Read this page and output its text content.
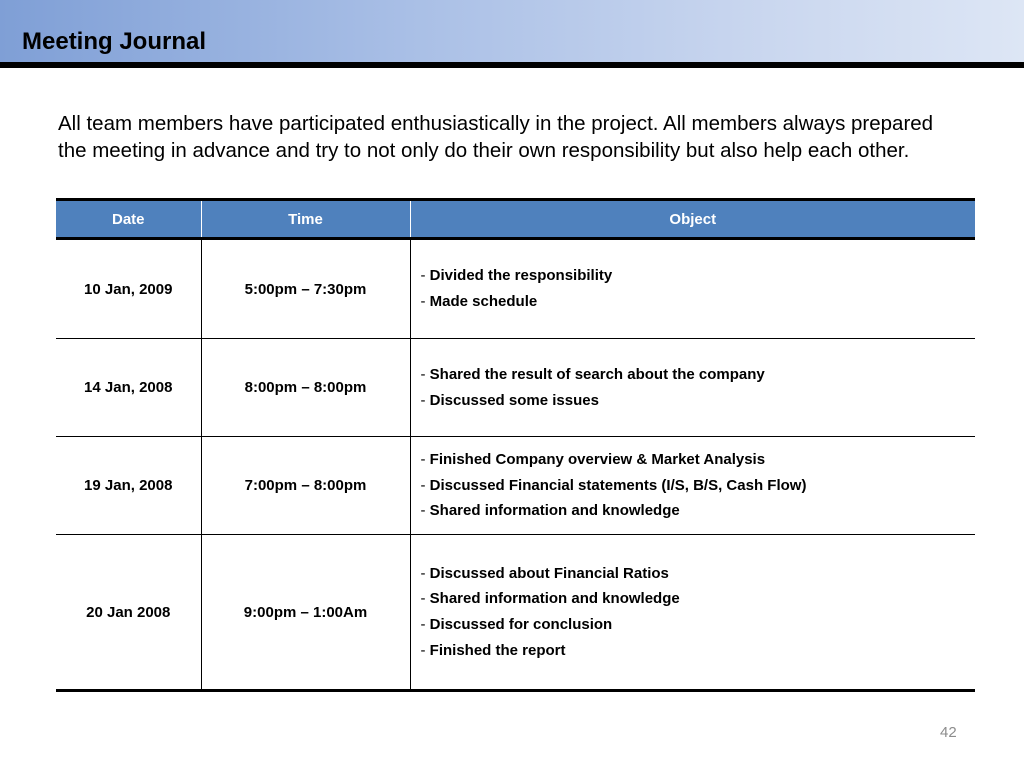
Meeting Journal
All team members have participated enthusiastically in the project. All members always prepared the meeting in advance and try to not only do their own responsibility but also help each other.
Date	Time	Object
10 Jan, 2009	5:00pm – 7:30pm	- Divided the responsibility
- Made schedule

14 Jan, 2008	8:00pm – 8:00pm	- Shared the result of search about the company
- Discussed some issues

19 Jan, 2008	7:00pm – 8:00pm	- Finished Company overview & Market Analysis
- Discussed Financial statements (I/S, B/S, Cash Flow)
- Shared information and knowledge

20 Jan 2008	9:00pm – 1:00Am	- Discussed about Financial Ratios
- Shared information and knowledge
- Discussed for conclusion
- Finished the report
42
